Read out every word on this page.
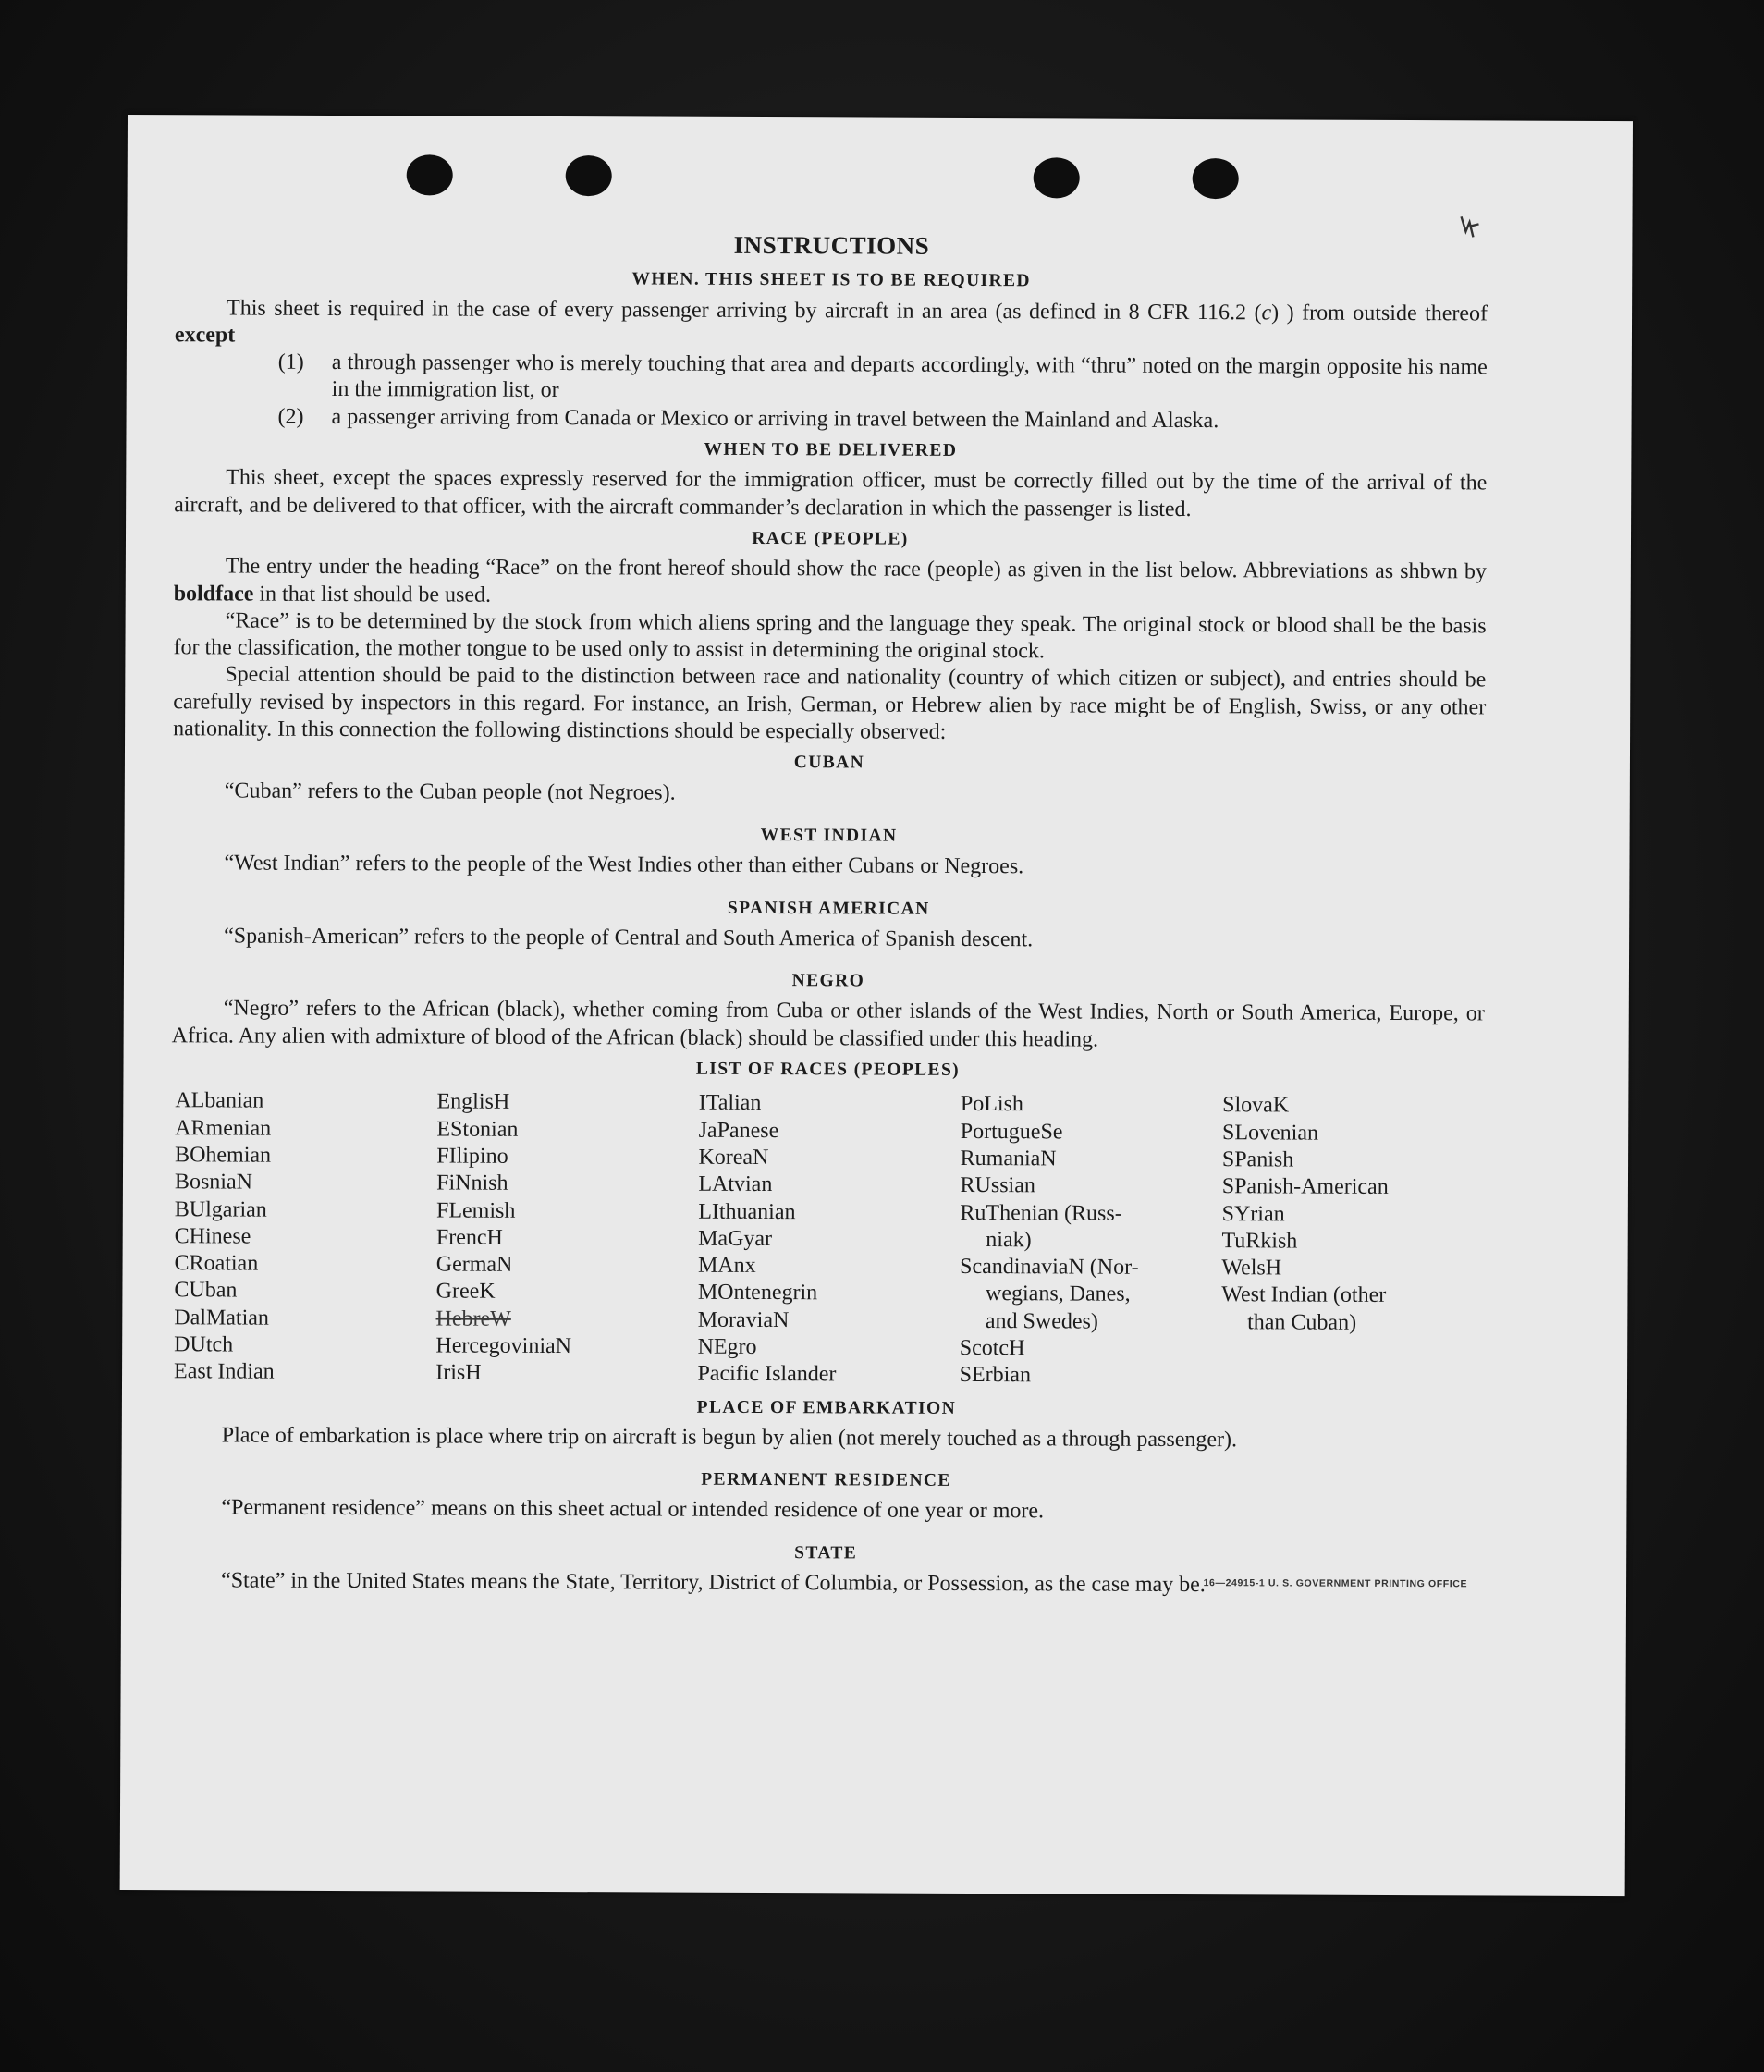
INSTRUCTIONS
WHEN. THIS SHEET IS TO BE REQUIRED

This sheet is required in the case of every passenger arriving by aircraft in an area (as defined in 8 CFR 116.2 (c) ) from outside thereof except

(1) a through passenger who is merely touching that area and departs accordingly, with “thru” noted on the margin opposite his name in the immigration list, or
(2) a passenger arriving from Canada or Mexico or arriving in travel between the Mainland and Alaska.
WHEN TO BE DELIVERED

This sheet, except the spaces expressly reserved for the immigration officer, must be correctly filled out by the time of the arrival of the aircraft, and be delivered to that officer, with the aircraft commander’s declaration in which the passenger is listed.

RACE (PEOPLE)

The entry under the heading “Race” on the front hereof should show the race (people) as given in the list below. Abbreviations as shbwn by boldface in that list should be used.

“Race” is to be determined by the stock from which aliens spring and the language they speak. The original stock or blood shall be the basis for the classification, the mother tongue to be used only to assist in determining the original stock.

Special attention should be paid to the distinction between race and nationality (country of which citizen or subject), and entries should be carefully revised by inspectors in this regard. For instance, an Irish, German, or Hebrew alien by race might be of English, Swiss, or any other nationality. In this connection the following distinctions should be especially observed:

CUBAN

“Cuban” refers to the Cuban people (not Negroes).

WEST INDIAN

“West Indian” refers to the people of the West Indies other than either Cubans or Negroes.

SPANISH AMERICAN

“Spanish-American” refers to the people of Central and South America of Spanish descent.

NEGRO

“Negro” refers to the African (black), whether coming from Cuba or other islands of the West Indies, North or South America, Europe, or Africa. Any alien with admixture of blood of the African (black) should be classified under this heading.

LIST OF RACES (PEOPLES)
ALbanian
ARmenian
BOhemian
BosniaN
BUlgarian
CHinese
CRoatian
CUban
DalMatian
DUtch
East Indian
EnglisH
EStonian
FIlipino
FiNnish
FLemish
FrencH
GermaN
GreeK
HebreW
HercegoviniaN
IrisH
ITalian
JaPanese
KoreaN
LAtvian
LIthuanian
MaGyar
MAnx
MOntenegrin
MoraviaN
NEgro
Pacific Islander
PoLish
PortugueSe
RumaniaN
RUssian
RuThenian (Russ-
niak)
ScandinaviaN (Nor-
wegians, Danes,
and Swedes)
ScotcH
SErbian
SlovaK
SLovenian
SPanish
SPanish-American
SYrian
TuRkish
WelsH
West Indian (other
than Cuban)
PLACE OF EMBARKATION

Place of embarkation is place where trip on aircraft is begun by alien (not merely touched as a through passenger).

PERMANENT RESIDENCE

“Permanent residence” means on this sheet actual or intended residence of one year or more.

STATE

“State” in the United States means the State, Territory, District of Columbia, or Possession, as the case may be.

16—24915-1 U. S. GOVERNMENT PRINTING OFFICE
